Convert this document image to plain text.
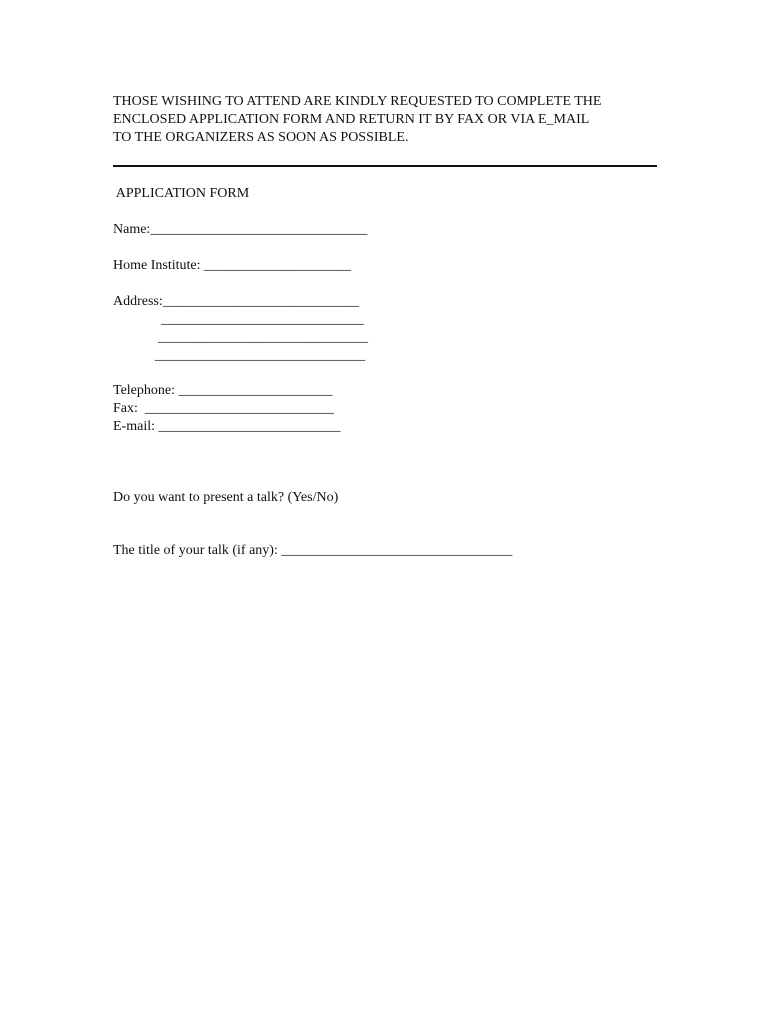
THOSE WISHING TO ATTEND ARE KINDLY REQUESTED TO COMPLETE THE
ENCLOSED APPLICATION FORM AND RETURN IT BY FAX OR VIA E_MAIL
TO THE ORGANIZERS AS SOON AS POSSIBLE.
APPLICATION FORM
Name:_______________________________
Home Institute: _____________________
Address:____________________________
_____________________________
______________________________
______________________________
Telephone: ______________________
Fax:  ___________________________
E-mail: __________________________
Do you want to present a talk? (Yes/No)
The title of your talk (if any): _________________________________
